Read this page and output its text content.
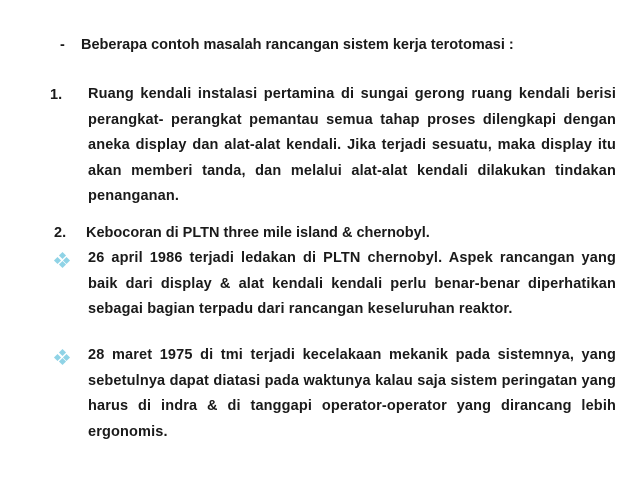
- Beberapa contoh masalah rancangan sistem kerja terotomasi :
1. Ruang kendali instalasi pertamina di sungai gerong ruang kendali berisi perangkat- perangkat pemantau semua tahap proses dilengkapi dengan aneka display dan alat-alat kendali. Jika terjadi sesuatu, maka display itu akan memberi tanda, dan melalui alat-alat kendali dilakukan tindakan penanganan.
2. Kebocoran di PLTN three mile island & chernobyl.
26 april 1986 terjadi ledakan di PLTN chernobyl. Aspek rancangan yang baik dari display & alat kendali kendali perlu benar-benar diperhatikan sebagai bagian terpadu dari rancangan keseluruhan reaktor.
28 maret 1975 di tmi terjadi kecelakaan mekanik pada sistemnya, yang sebetulnya dapat diatasi pada waktunya kalau saja sistem peringatan yang harus di indra & di tanggapi operator-operator yang dirancang lebih ergonomis.
